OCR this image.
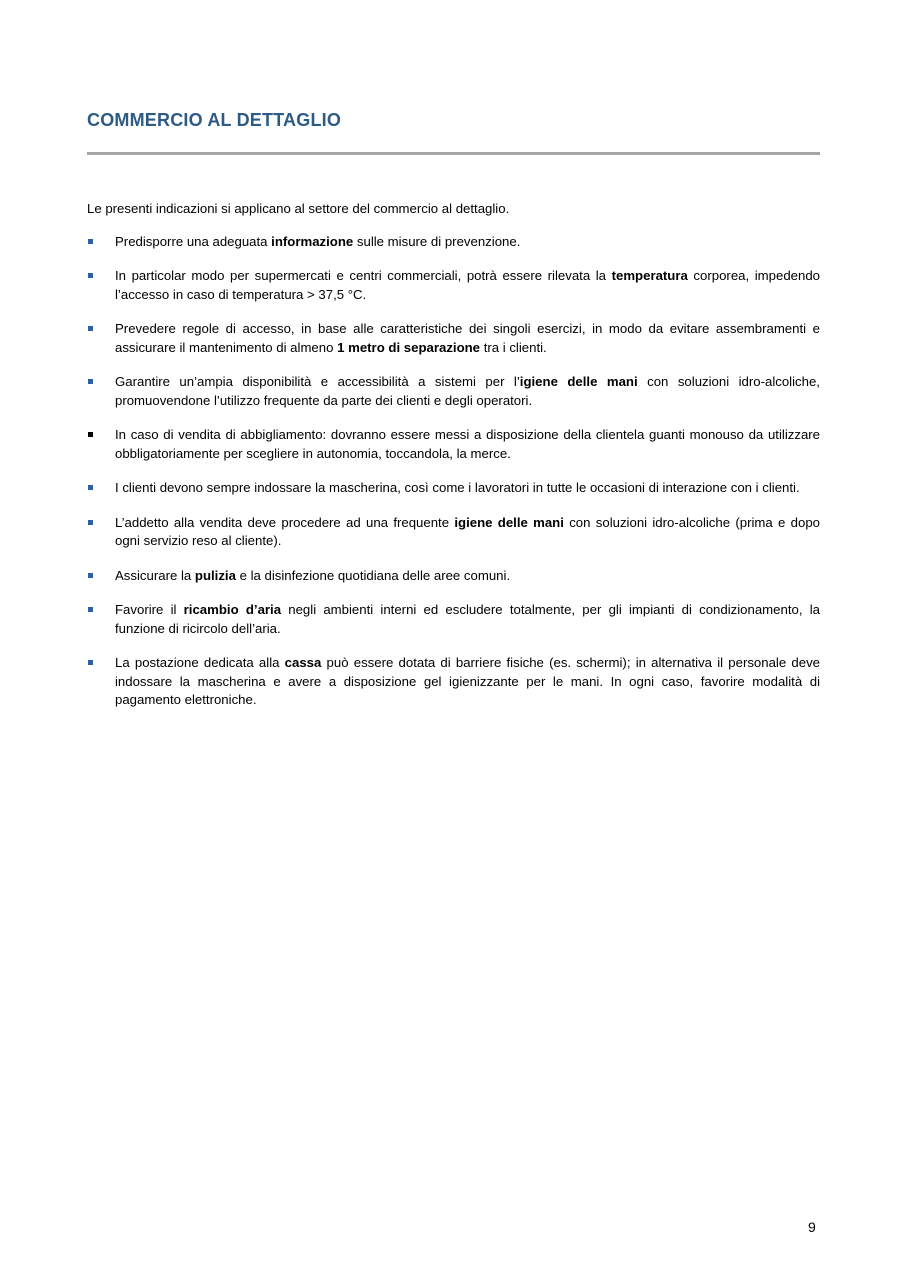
COMMERCIO AL DETTAGLIO

Le presenti indicazioni si applicano al settore del commercio al dettaglio.

Predisporre una adeguata informazione sulle misure di prevenzione.
In particolar modo per supermercati e centri commerciali, potrà essere rilevata la temperatura corporea, impedendo l’accesso in caso di temperatura > 37,5 °C.
Prevedere regole di accesso, in base alle caratteristiche dei singoli esercizi, in modo da evitare assembramenti e assicurare il mantenimento di almeno 1 metro di separazione tra i clienti.
Garantire un’ampia disponibilità e accessibilità a sistemi per l’igiene delle mani con soluzioni idro-alcoliche, promuovendone l’utilizzo frequente da parte dei clienti e degli operatori.
In caso di vendita di abbigliamento: dovranno essere messi a disposizione della clientela guanti monouso da utilizzare obbligatoriamente per scegliere in autonomia, toccandola, la merce.
I clienti devono sempre indossare la mascherina, così come i lavoratori in tutte le occasioni di interazione con i clienti.
L’addetto alla vendita deve procedere ad una frequente igiene delle mani con soluzioni idro-alcoliche (prima e dopo ogni servizio reso al cliente).
Assicurare la pulizia e la disinfezione quotidiana delle aree comuni.
Favorire il ricambio d’aria negli ambienti interni ed escludere totalmente, per gli impianti di condizionamento, la funzione di ricircolo dell’aria.
La postazione dedicata alla cassa può essere dotata di barriere fisiche (es. schermi); in alternativa il personale deve indossare la mascherina e avere a disposizione gel igienizzante per le mani. In ogni caso, favorire modalità di pagamento elettroniche.
9
